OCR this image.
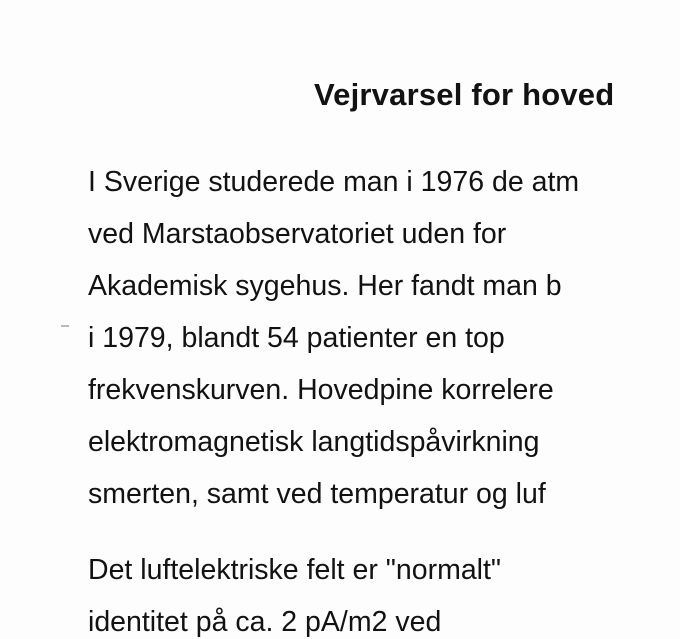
Vejrvarsel for hoved

I Sverige studerede man i 1976 de atm
ved Marstaobservatoriet uden for
Akademisk sygehus. Her fandt man b
i 1979, blandt 54 patienter en top
frekvenskurven. Hovedpine korrelere
elektromagnetisk langtidspåvirkning
smerten, samt ved temperatur og luf

Det luftelektriske felt er "normalt"
identitet på ca. 2 pA/m2 ved
